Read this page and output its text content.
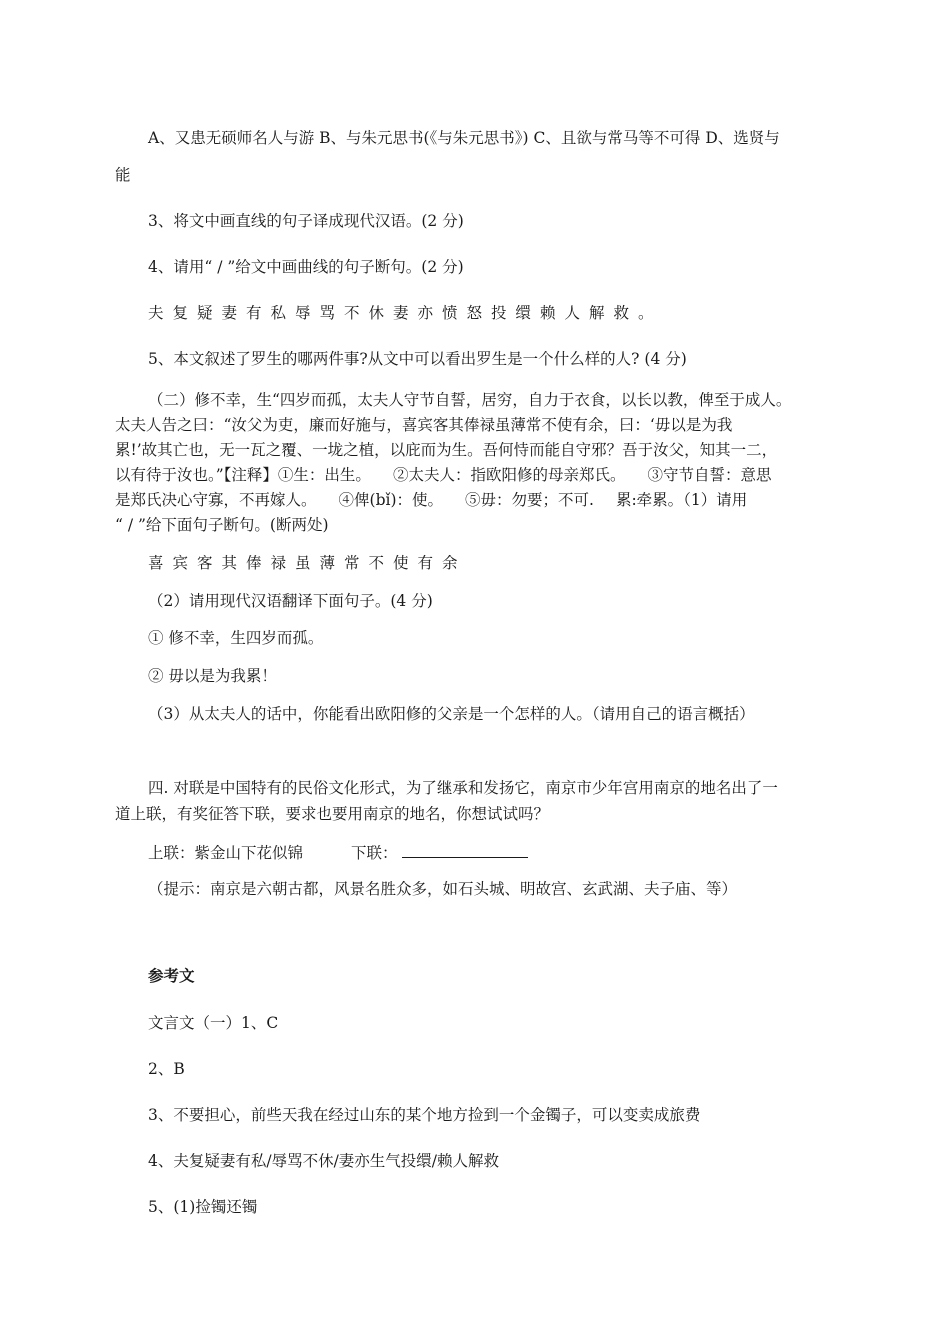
A、又患无硕师名人与游 B、与朱元思书(《与朱元思书》) C、且欲与常马等不可得 D、选贤与
能
3、将文中画直线的句子译成现代汉语。(2 分)
4、请用“ / ”给文中画曲线的句子断句。(2 分)
夫复疑妻有私辱骂不休妻亦愤怒投缳赖人解救。
5、本文叙述了罗生的哪两件事?从文中可以看出罗生是一个什么样的人? (4 分)
（二）修不幸，生“四岁而孤，太夫人守节自誓，居穷，自力于衣食，以长以教，俾至于成人。
太夫人告之曰：“汝父为吏，廉而好施与，喜宾客其俸禄虽薄常不使有余，曰：‘毋以是为我
累!’故其亡也，无一瓦之覆、一垅之植，以庇而为生。吾何恃而能自守邪？吾于汝父，知其一二，
以有待于汝也。”【注释】①生：出生。 ②太夫人：指欧阳修的母亲郑氏。 ③守节自誓：意思
是郑氏决心守寡，不再嫁人。 ④俾(bǐ)：使。 ⑤毋：勿要；不可. 累:牵累。（1）请用
“ / ”给下面句子断句。(断两处)
喜宾客其俸禄虽薄常不使有余
（2）请用现代汉语翻译下面句子。(4 分)
① 修不幸，生四岁而孤。
② 毋以是为我累！
（3）从太夫人的话中，你能看出欧阳修的父亲是一个怎样的人。（请用自己的语言概括）
四. 对联是中国特有的民俗文化形式，为了继承和发扬它，南京市少年宫用南京的地名出了一
道上联，有奖征答下联，要求也要用南京的地名，你想试试吗？
上联：紫金山下花似锦	下联：
（提示：南京是六朝古都，风景名胜众多，如石头城、明故宫、玄武湖、夫子庙、等）
参考文
文言文（一）1、C
2、B
3、不要担心，前些天我在经过山东的某个地方捡到一个金镯子，可以变卖成旅费
4、夫复疑妻有私/辱骂不休/妻亦生气投缳/赖人解救
5、(1)捡镯还镯
